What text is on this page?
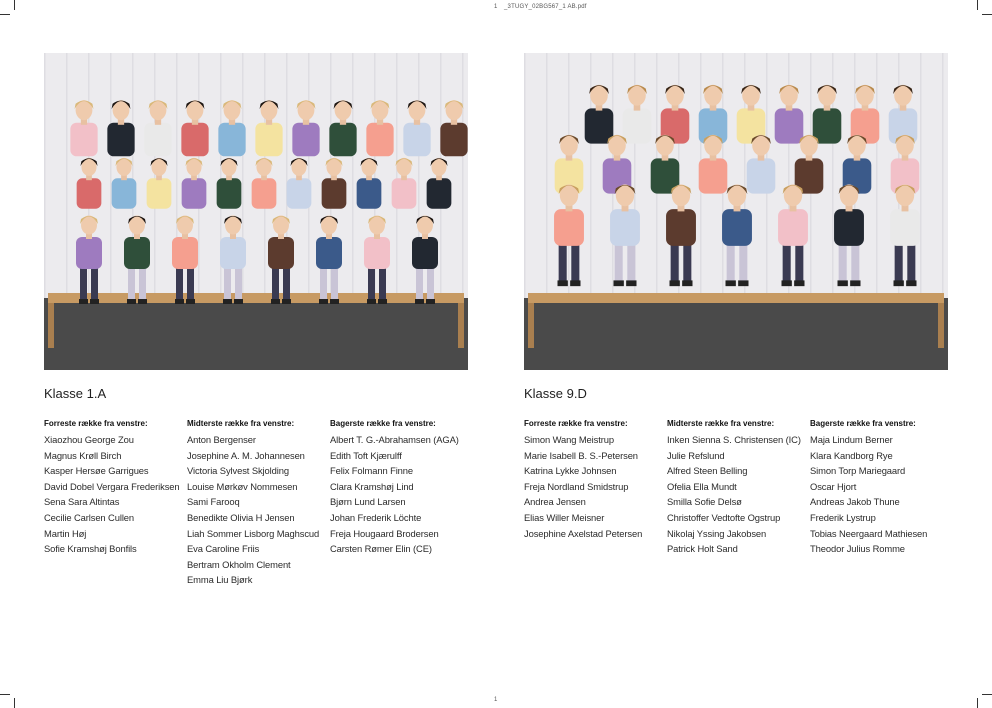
1 _3TUGY_02BG567_1 AB.pdf
Klasse 1.A
Forreste række fra venstre:
Xiaozhou George Zou
Magnus Krøll Birch
Kasper Hersøe Garrigues
David Dobel Vergara Frederiksen
Sena Sara Altintas
Cecilie Carlsen Cullen
Martin Høj
Sofie Kramshøj Bonfils
Midterste række fra venstre:
Anton Bergenser
Josephine A. M. Johannesen
Victoria Sylvest Skjolding
Louise Mørkøv Nommesen
Sami Farooq
Benedikte Olivia H Jensen
Liah Sommer Lisborg Maghscud
Eva Caroline Friis
Bertram Okholm Clement
Emma Liu Bjørk
Bagerste række fra venstre:
Albert T. G.-Abrahamsen (AGA)
Edith Toft Kjærulff
Felix Folmann Finne
Clara Kramshøj Lind
Bjørn Lund Larsen
Johan Frederik Löchte
Freja Hougaard Brodersen
Carsten Rømer Elin (CE)
Klasse 9.D
Forreste række fra venstre:
Simon Wang Meistrup
Marie Isabell B. S.-Petersen
Katrina Lykke Johnsen
Freja Nordland Smidstrup
Andrea Jensen
Elias Willer Meisner
Josephine Axelstad Petersen
Midterste række fra venstre:
Inken Sienna S. Christensen (IC)
Julie Refslund
Alfred Steen Belling
Ofelia Ella Mundt
Smilla Sofie Delsø
Christoffer Vedtofte Ogstrup
Nikolaj Yssing Jakobsen
Patrick Holt Sand
Bagerste række fra venstre:
Maja Lindum Berner
Klara Kandborg Rye
Simon Torp Mariegaard
Oscar Hjort
Andreas Jakob Thune
Frederik Lystrup
Tobias Neergaard Mathiesen
Theodor Julius Romme
1
